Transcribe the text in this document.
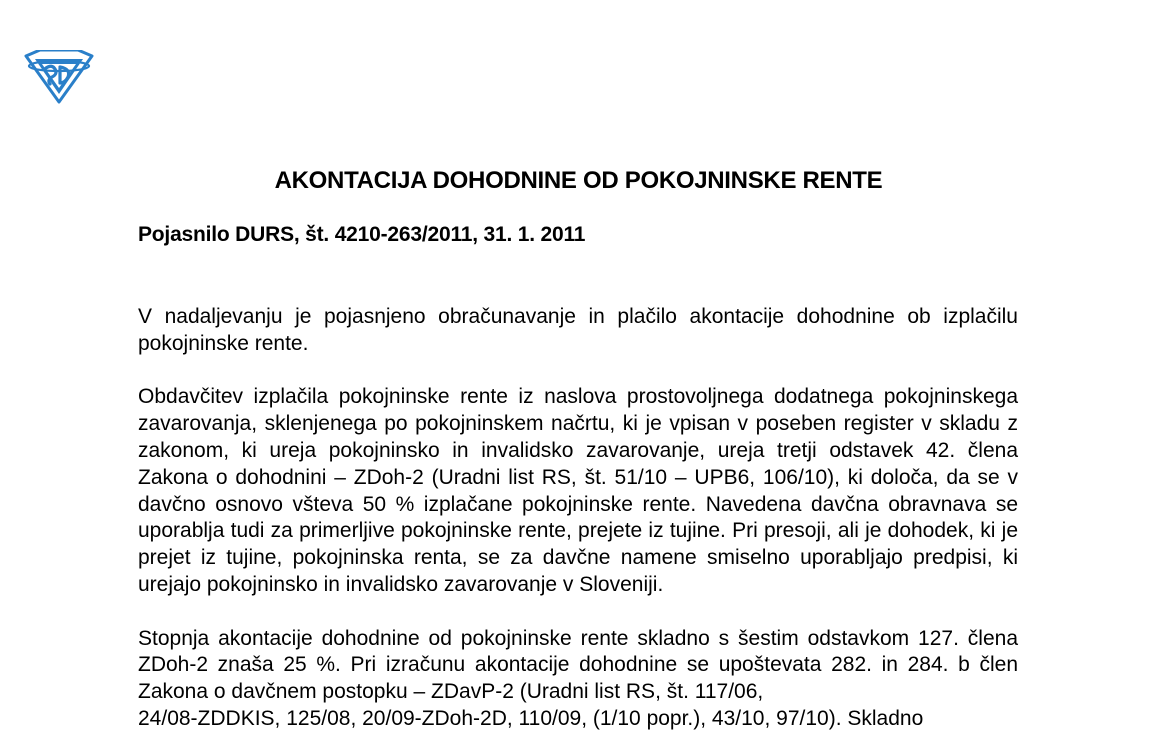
AKONTACIJA DOHODNINE OD POKOJNINSKE RENTE
Pojasnilo DURS, št. 4210-263/2011, 31. 1. 2011

V nadaljevanju je pojasnjeno obračunavanje in plačilo akontacije dohodnine ob izplačilu pokojninske rente.

Obdavčitev izplačila pokojninske rente iz naslova prostovoljnega dodatnega pokojninskega zavarovanja, sklenjenega po pokojninskem načrtu, ki je vpisan v poseben register v skladu z zakonom, ki ureja pokojninsko in invalidsko zavarovanje, ureja tretji odstavek 42. člena Zakona o dohodnini – ZDoh-2 (Uradni list RS, št. 51/10 – UPB6, 106/10), ki določa, da se v davčno osnovo všteva 50 % izplačane pokojninske rente. Navedena davčna obravnava se uporablja tudi za primerljive pokojninske rente, prejete iz tujine. Pri presoji, ali je dohodek, ki je prejet iz tujine, pokojninska renta, se za davčne namene smiselno uporabljajo predpisi, ki urejajo pokojninsko in invalidsko zavarovanje v Sloveniji.

Stopnja akontacije dohodnine od pokojninske rente skladno s šestim odstavkom 127. člena ZDoh-2 znaša 25 %. Pri izračunu akontacije dohodnine se upoštevata 282. in 284. b člen Zakona o davčnem postopku – ZDavP-2 (Uradni list RS, št. 117/06,

24/08-ZDDKIS, 125/08, 20/09-ZDoh-2D, 110/09, (1/10 popr.), 43/10, 97/10). Skladno
